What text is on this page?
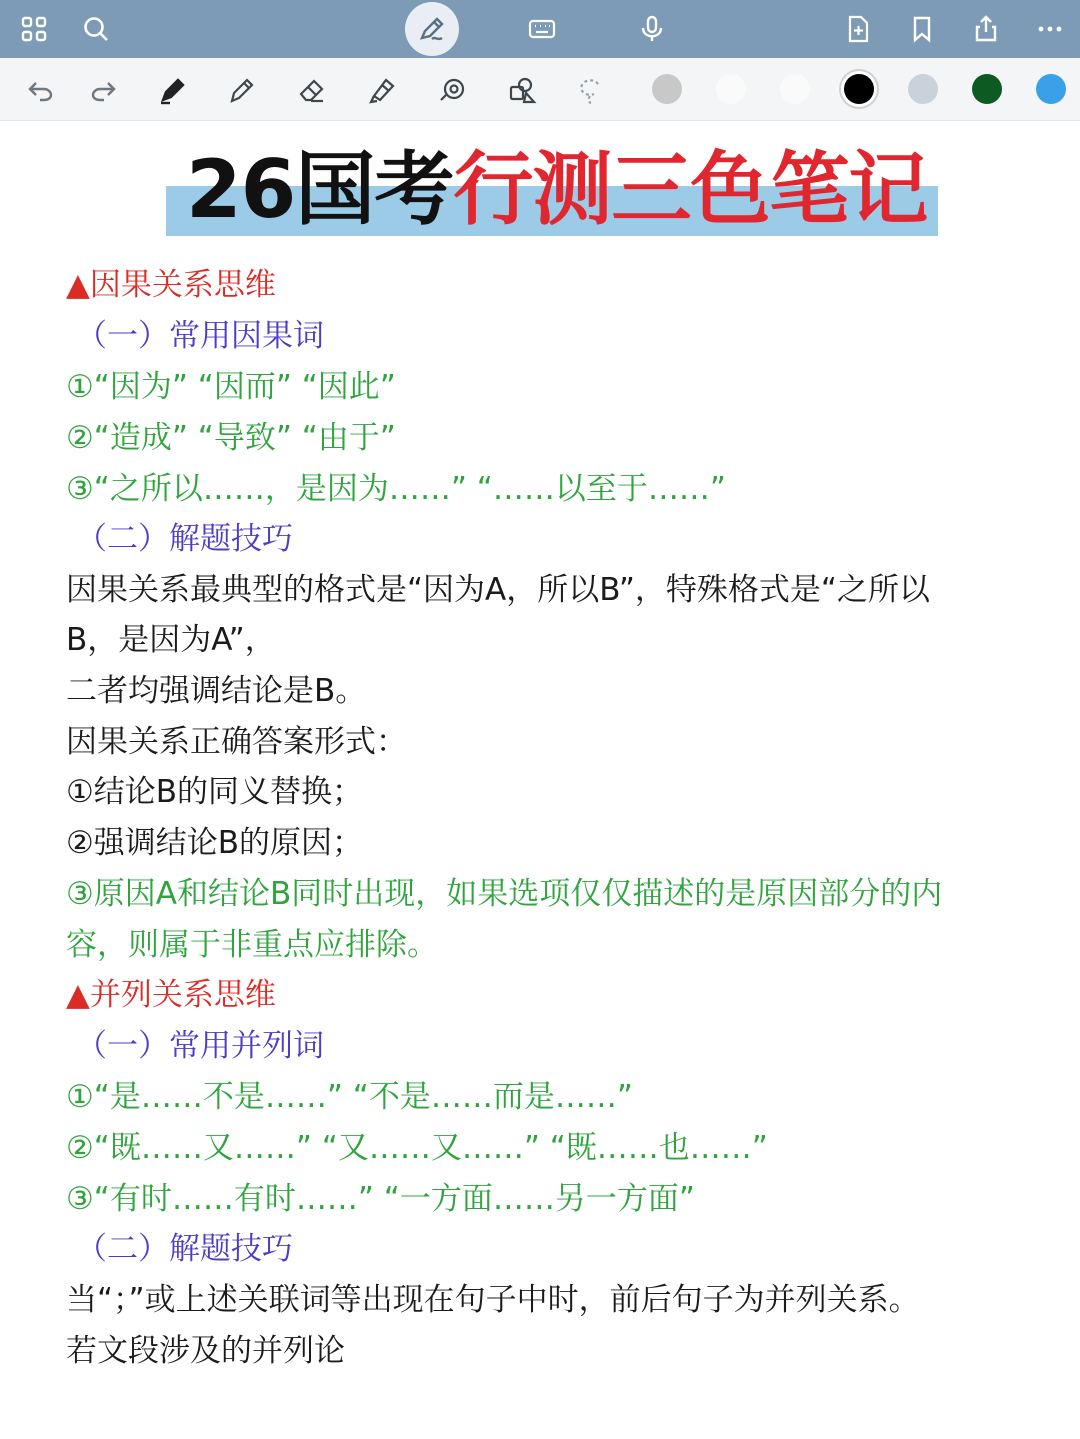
26国考行测三色笔记
▲因果关系思维
（一）常用因果词
①“因为” “因而” “因此”
②“造成” “导致” “由于”
③“之所以……，是因为……” “……以至于……”
（二）解题技巧
因果关系最典型的格式是“因为A，所以B”，特殊格式是“之所以
B，是因为A”，
二者均强调结论是B。
因果关系正确答案形式：
①结论B的同义替换；
②强调结论B的原因；
③原因A和结论B同时出现，如果选项仅仅描述的是原因部分的内
容，则属于非重点应排除。
▲并列关系思维
（一）常用并列词
①“是……不是……” “不是……而是……”
②“既……又……” “又……又……” “既……也……”
③“有时……有时……” “一方面……另一方面”
（二）解题技巧
当“；”或上述关联词等出现在句子中时，前后句子为并列关系。
若文段涉及的并列论
